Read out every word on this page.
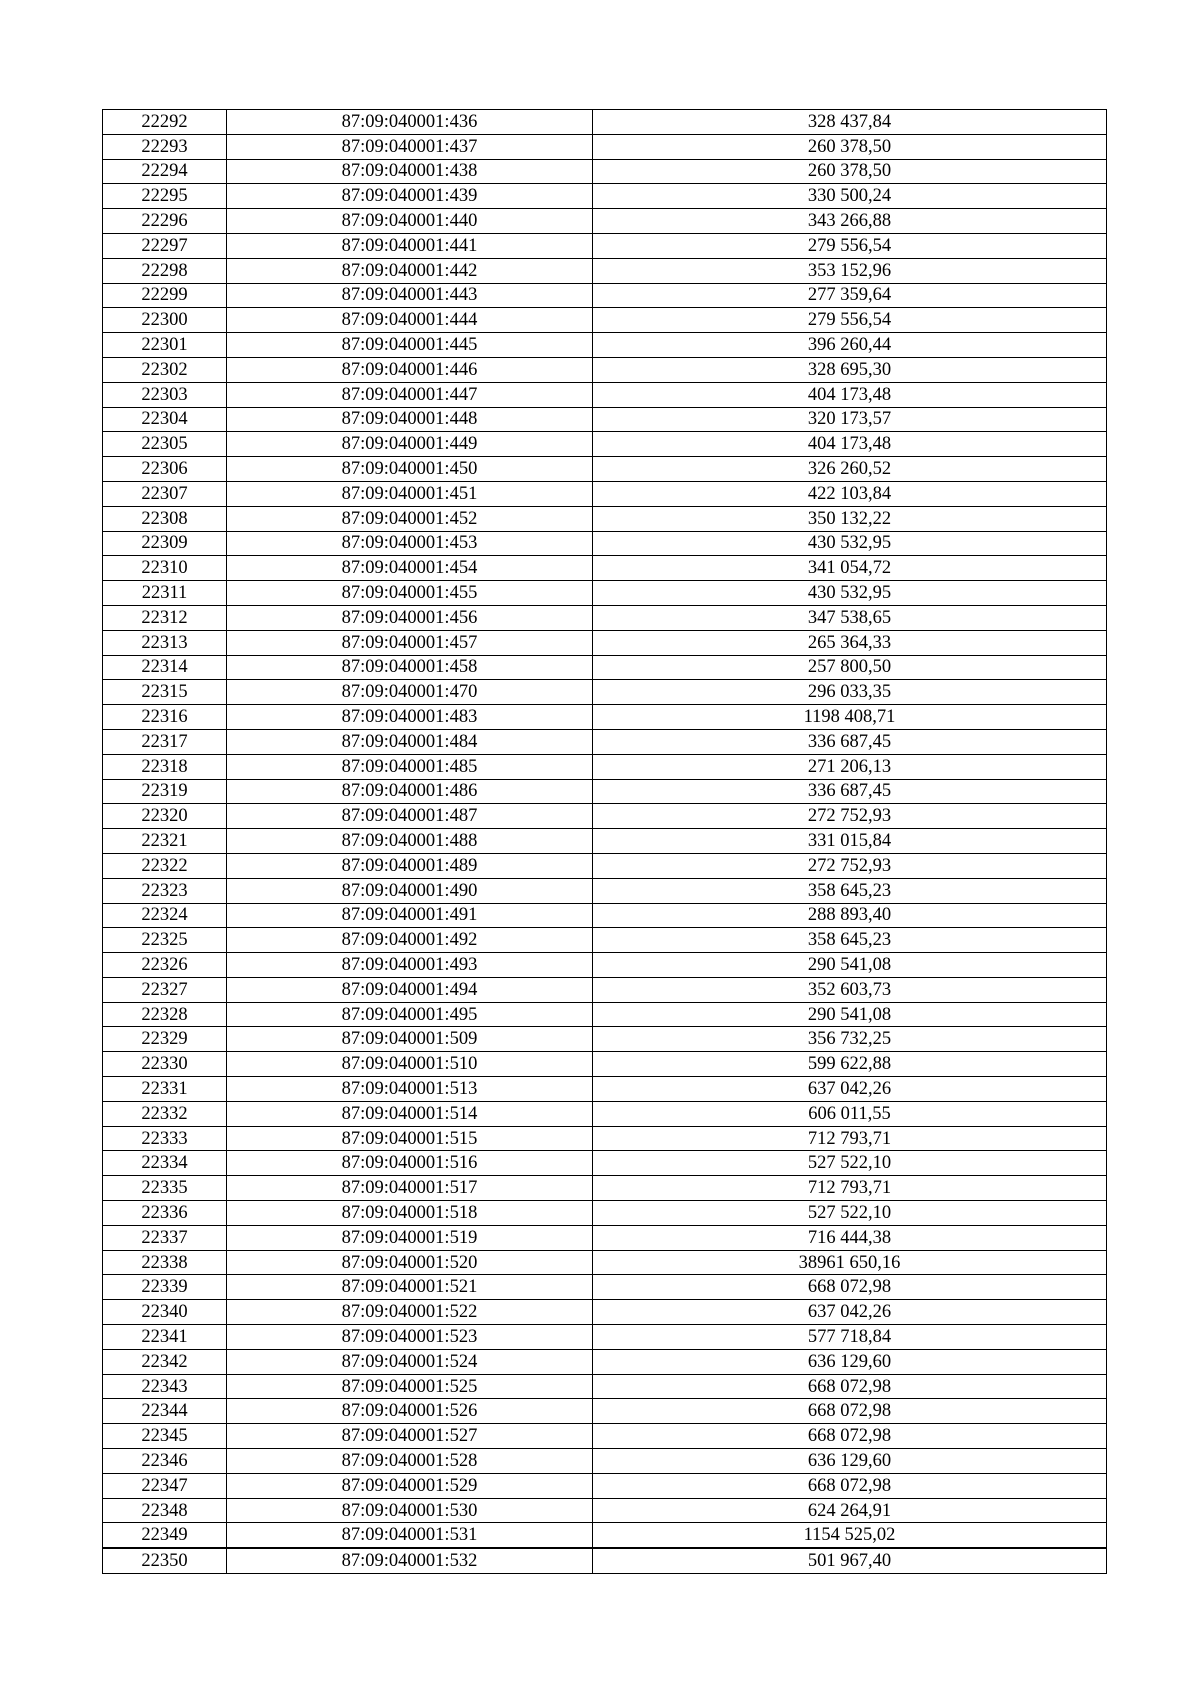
22292	87:09:040001:436	328 437,84
22293	87:09:040001:437	260 378,50
22294	87:09:040001:438	260 378,50
22295	87:09:040001:439	330 500,24
22296	87:09:040001:440	343 266,88
22297	87:09:040001:441	279 556,54
22298	87:09:040001:442	353 152,96
22299	87:09:040001:443	277 359,64
22300	87:09:040001:444	279 556,54
22301	87:09:040001:445	396 260,44
22302	87:09:040001:446	328 695,30
22303	87:09:040001:447	404 173,48
22304	87:09:040001:448	320 173,57
22305	87:09:040001:449	404 173,48
22306	87:09:040001:450	326 260,52
22307	87:09:040001:451	422 103,84
22308	87:09:040001:452	350 132,22
22309	87:09:040001:453	430 532,95
22310	87:09:040001:454	341 054,72
22311	87:09:040001:455	430 532,95
22312	87:09:040001:456	347 538,65
22313	87:09:040001:457	265 364,33
22314	87:09:040001:458	257 800,50
22315	87:09:040001:470	296 033,35
22316	87:09:040001:483	1198 408,71
22317	87:09:040001:484	336 687,45
22318	87:09:040001:485	271 206,13
22319	87:09:040001:486	336 687,45
22320	87:09:040001:487	272 752,93
22321	87:09:040001:488	331 015,84
22322	87:09:040001:489	272 752,93
22323	87:09:040001:490	358 645,23
22324	87:09:040001:491	288 893,40
22325	87:09:040001:492	358 645,23
22326	87:09:040001:493	290 541,08
22327	87:09:040001:494	352 603,73
22328	87:09:040001:495	290 541,08
22329	87:09:040001:509	356 732,25
22330	87:09:040001:510	599 622,88
22331	87:09:040001:513	637 042,26
22332	87:09:040001:514	606 011,55
22333	87:09:040001:515	712 793,71
22334	87:09:040001:516	527 522,10
22335	87:09:040001:517	712 793,71
22336	87:09:040001:518	527 522,10
22337	87:09:040001:519	716 444,38
22338	87:09:040001:520	38961 650,16
22339	87:09:040001:521	668 072,98
22340	87:09:040001:522	637 042,26
22341	87:09:040001:523	577 718,84
22342	87:09:040001:524	636 129,60
22343	87:09:040001:525	668 072,98
22344	87:09:040001:526	668 072,98
22345	87:09:040001:527	668 072,98
22346	87:09:040001:528	636 129,60
22347	87:09:040001:529	668 072,98
22348	87:09:040001:530	624 264,91
22349	87:09:040001:531	1154 525,02
22350	87:09:040001:532	501 967,40
